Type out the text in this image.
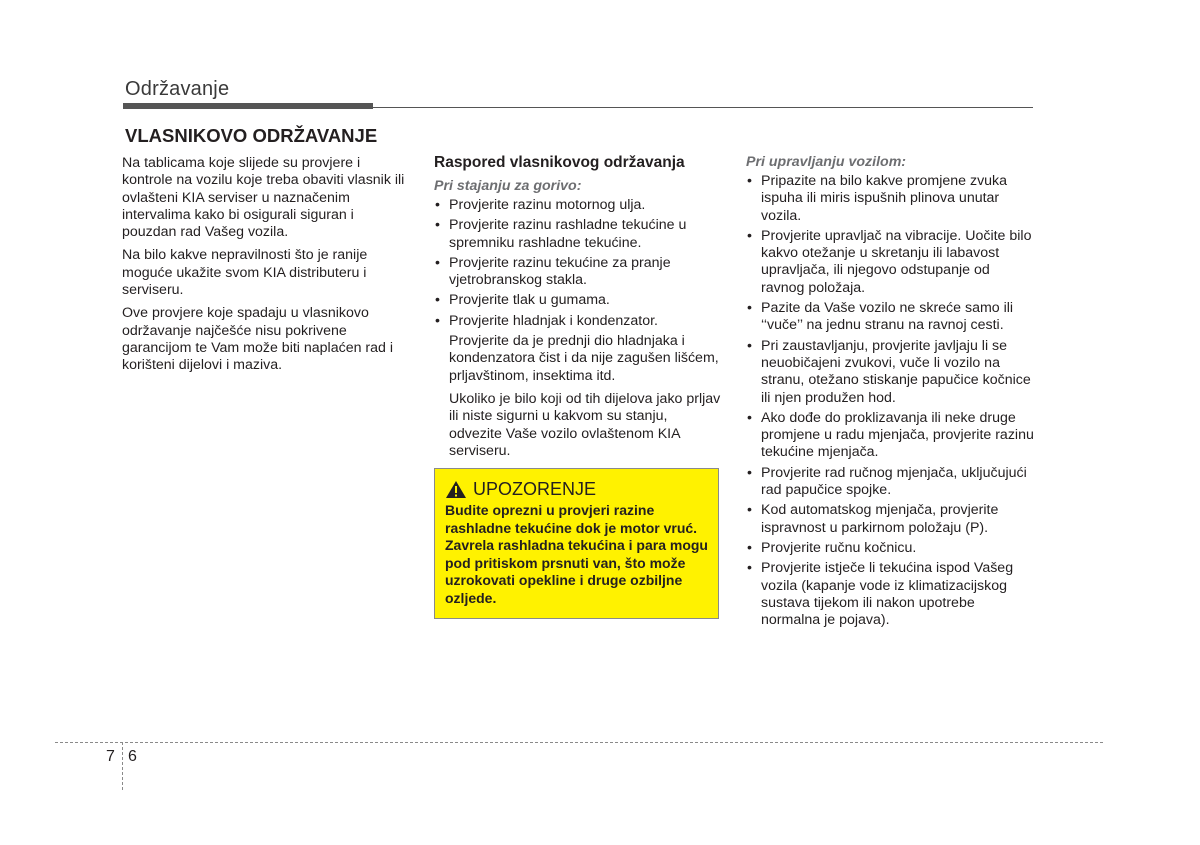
Održavanje
VLASNIKOVO ODRŽAVANJE

Na tablicama koje slijede su provjere i kontrole na vozilu koje treba obaviti vlasnik ili ovlašteni KIA serviser u naznačenim intervalima kako bi osigurali siguran i pouzdan rad Vašeg vozila.

Na bilo kakve nepravilnosti što je ranije moguće ukažite svom KIA distributeru i serviseru.

Ove provjere koje spadaju u vlasnikovo održavanje najčešće nisu pokrivene garancijom te Vam može biti naplaćen rad i korišteni dijelovi i maziva.

Raspored vlasnikovog održavanja
Pri stajanju za gorivo:
• Provjerite razinu motornog ulja.
• Provjerite razinu rashladne tekućine u spremniku rashladne tekućine.
• Provjerite razinu tekućine za pranje vjetrobranskog stakla.
• Provjerite tlak u gumama.
• Provjerite hladnjak i kondenzator.

Provjerite da je prednji dio hladnjaka i kondenzatora čist i da nije zagušen lišćem, prljavštinom, insektima itd.

Ukoliko je bilo koji od tih dijelova jako prljav ili niste sigurni u kakvom su stanju, odvezite Vaše vozilo ovlaštenom KIA serviseru.

UPOZORENJE
Budite oprezni u provjeri razine rashladne tekućine dok je motor vruć. Zavrela rashladna tekućina i para mogu pod pritiskom prsnuti van, što može uzrokovati opekline i druge ozbiljne ozljede.
Pri upravljanju vozilom:
• Pripazite na bilo kakve promjene zvuka ispuha ili miris ispušnih plinova unutar vozila.
• Provjerite upravljač na vibracije. Uočite bilo kakvo otežanje u skretanju ili labavost upravljača, ili njegovo odstupanje od ravnog položaja.
• Pazite da Vaše vozilo ne skreće samo ili ‘‘vuče’’ na jednu stranu na ravnoj cesti.
• Pri zaustavljanju, provjerite javljaju li se neuobičajeni zvukovi, vuče li vozilo na stranu, otežano stiskanje papučice kočnice ili njen produžen hod.
• Ako dođe do proklizavanja ili neke druge promjene u radu mjenjača, provjerite razinu tekućine mjenjača.
• Provjerite rad ručnog mjenjača, uključujući rad papučice spojke.
• Kod automatskog mjenjača, provjerite ispravnost u parkirnom položaju (P).
• Provjerite ručnu kočnicu.
• Provjerite istječe li tekućina ispod Vašeg vozila (kapanje vode iz klimatizacijskog sustava tijekom ili nakon upotrebe normalna je pojava).
7 6
